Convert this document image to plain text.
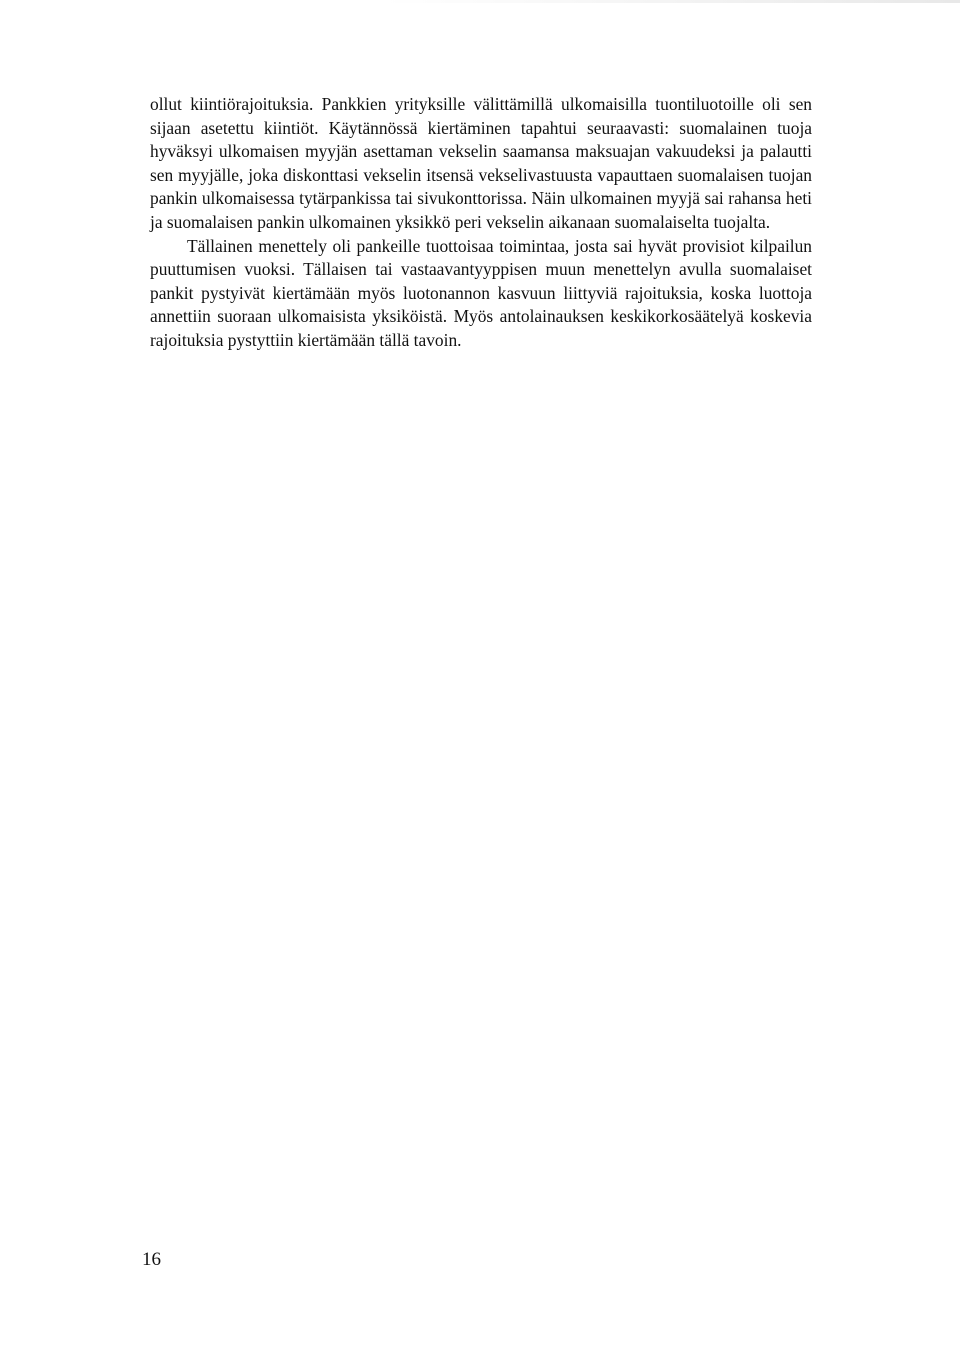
ollut kiintiörajoituksia. Pankkien yrityksille välittämillä ulkomaisilla tuontiluotoille oli sen sijaan asetettu kiintiöt. Käytännössä kiertäminen tapahtui seuraavasti: suomalainen tuoja hyväksyi ulkomaisen myyjän asettaman vekselin saamansa maksuajan vakuudeksi ja palautti sen myyjälle, joka diskonttasi vekselin itsensä vekselivastuusta vapauttaen suomalaisen tuojan pankin ulkomaisessa tytärpankissa tai sivukonttorissa. Näin ulkomainen myyjä sai rahansa heti ja suomalaisen pankin ulkomainen yksikkö peri vekselin aikanaan suomalaiselta tuojalta.

Tällainen menettely oli pankeille tuottoisaa toimintaa, josta sai hyvät provisiot kilpailun puuttumisen vuoksi. Tällaisen tai vastaavantyyppisen muun menettelyn avulla suomalaiset pankit pystyivät kiertämään myös luotonannon kasvuun liittyviä rajoituksia, koska luottoja annettiin suoraan ulkomaisista yksiköistä. Myös antolainauksen keskikorkosäätelyä koskevia rajoituksia pystyttiin kiertämään tällä tavoin.

16
